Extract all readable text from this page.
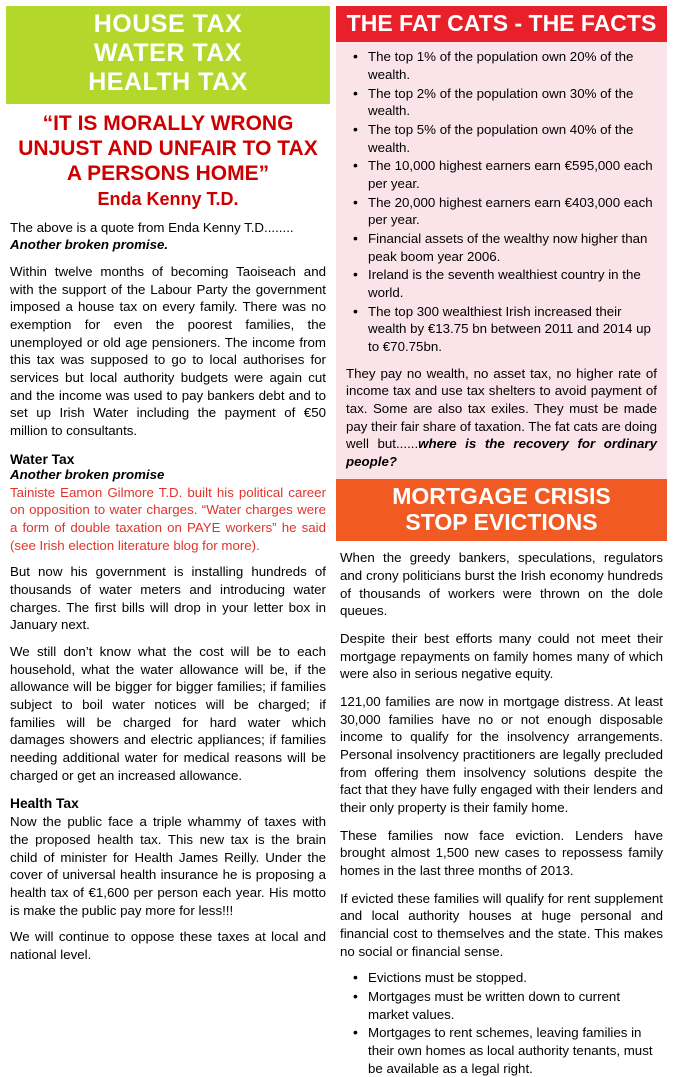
HOUSE TAX WATER TAX
HEALTH TAX
“IT IS MORALLY WRONG UNJUST AND UNFAIR TO TAX A PERSONS HOME”
Enda Kenny T.D.
The above is a quote from Enda Kenny T.D........
Another broken promise.
Within twelve months of becoming Taoiseach and with the support of the Labour Party the government imposed a house tax on every family. There was no exemption for even the poorest families, the unemployed or old age pensioners. The income from this tax was supposed to go to local authorises for services but local authority budgets were again cut and the income was used to pay bankers debt and to set up Irish Water including the payment of €50 million to consultants.
Water Tax
Another broken promise
Tainiste Eamon Gilmore T.D. built his political career on opposition to water charges. “Water charges were a form of double taxation on PAYE workers” he said (see Irish election literature blog for more).
But now his government is installing hundreds of thousands of water meters and introducing water charges. The first bills will drop in your letter box in January next.
We still don’t know what the cost will be to each household, what the water allowance will be, if the allowance will be bigger for bigger families; if families subject to boil water notices will be charged; if families will be charged for hard water which damages showers and electric appliances; if families needing additional water for medical reasons will be charged or get an increased allowance.
Health Tax
Now the public face a triple whammy of taxes with the proposed health tax. This new tax is the brain child of minister for Health James Reilly. Under the cover of universal health insurance he is proposing a health tax of €1,600 per person each year. His motto is make the public pay more for less!!!
We will continue to oppose these taxes at local and national level.
THE FAT CATS - THE FACTS
• The top 1% of the population own 20% of the wealth.
• The top 2% of the population own 30% of the wealth.
• The top 5% of the population own 40% of the wealth.
• The 10,000 highest earners earn €595,000 each per year.
• The 20,000 highest earners earn €403,000 each per year.
• Financial assets of the wealthy now higher than peak boom year 2006.
• Ireland is the seventh wealthiest country in the world.
• The top 300 wealthiest Irish increased their wealth by €13.75 bn between 2011 and 2014 up to €70.75bn.
They pay no wealth, no asset tax, no higher rate of income tax and use tax shelters to avoid payment of tax. Some are also tax exiles. They must be made pay their fair share of taxation. The fat cats are doing well but......where is the recovery for ordinary people?
MORTGAGE CRISIS
STOP EVICTIONS
When the greedy bankers, speculations, regulators and crony politicians burst the Irish economy hundreds of thousands of workers were thrown on the dole queues.
Despite their best efforts many could not meet their mortgage repayments on family homes many of which were also in serious negative equity.
121,00 families are now in mortgage distress. At least 30,000 families have no or not enough disposable income to qualify for the insolvency arrangements. Personal insolvency practitioners are legally precluded from offering them insolvency solutions despite the fact that they have fully engaged with their lenders and their only property is their family home.
These families now face eviction. Lenders have brought almost 1,500 new cases to repossess family homes in the last three months of 2013.
If evicted these families will qualify for rent supplement and local authority houses at huge personal and financial cost to themselves and the state. This makes no social or financial sense.
• Evictions must be stopped.
• Mortgages must be written down to current market values.
• Mortgages to rent schemes, leaving families in their own homes as local authority tenants, must be available as a legal right.
